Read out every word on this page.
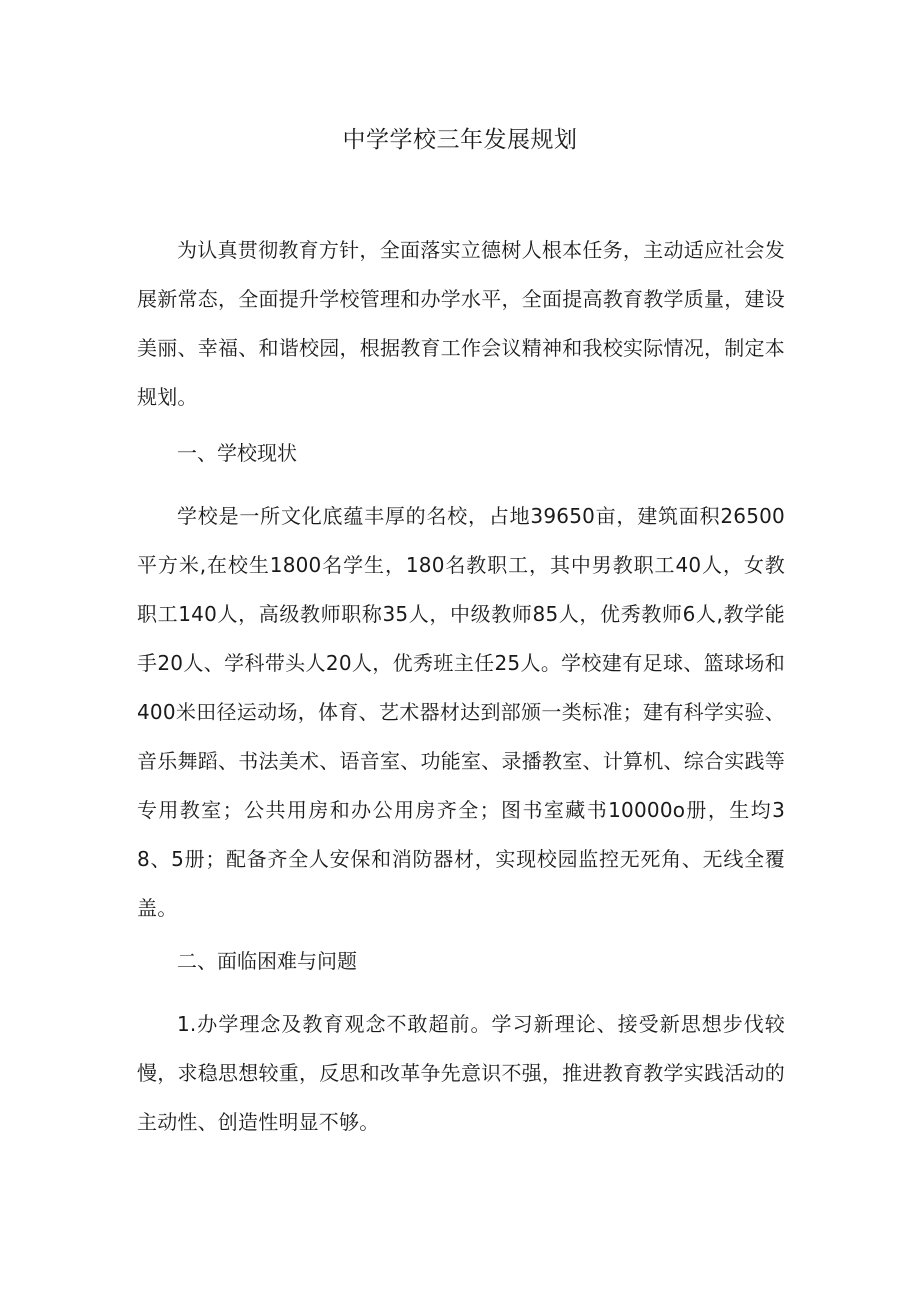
中学学校三年发展规划

为认真贯彻教育方针，全面落实立德树人根本任务，主动适应社会发展新常态，全面提升学校管理和办学水平，全面提高教育教学质量，建设美丽、幸福、和谐校园，根据教育工作会议精神和我校实际情况，制定本规划。

一、学校现状

学校是一所文化底蕴丰厚的名校，占地39650亩，建筑面积26500平方米,在校生1800名学生，180名教职工，其中男教职工40人，女教职工140人，高级教师职称35人，中级教师85人，优秀教师6人,教学能手20人、学科带头人20人，优秀班主任25人。学校建有足球、篮球场和400米田径运动场，体育、艺术器材达到部颁一类标准；建有科学实验、音乐舞蹈、书法美术、语音室、功能室、录播教室、计算机、综合实践等专用教室；公共用房和办公用房齐全；图书室藏书10000o册，生均38、5册；配备齐全人安保和消防器材，实现校园监控无死角、无线全覆盖。

二、面临困难与问题

1.办学理念及教育观念不敢超前。学习新理论、接受新思想步伐较慢，求稳思想较重，反思和改革争先意识不强，推进教育教学实践活动的主动性、创造性明显不够。
